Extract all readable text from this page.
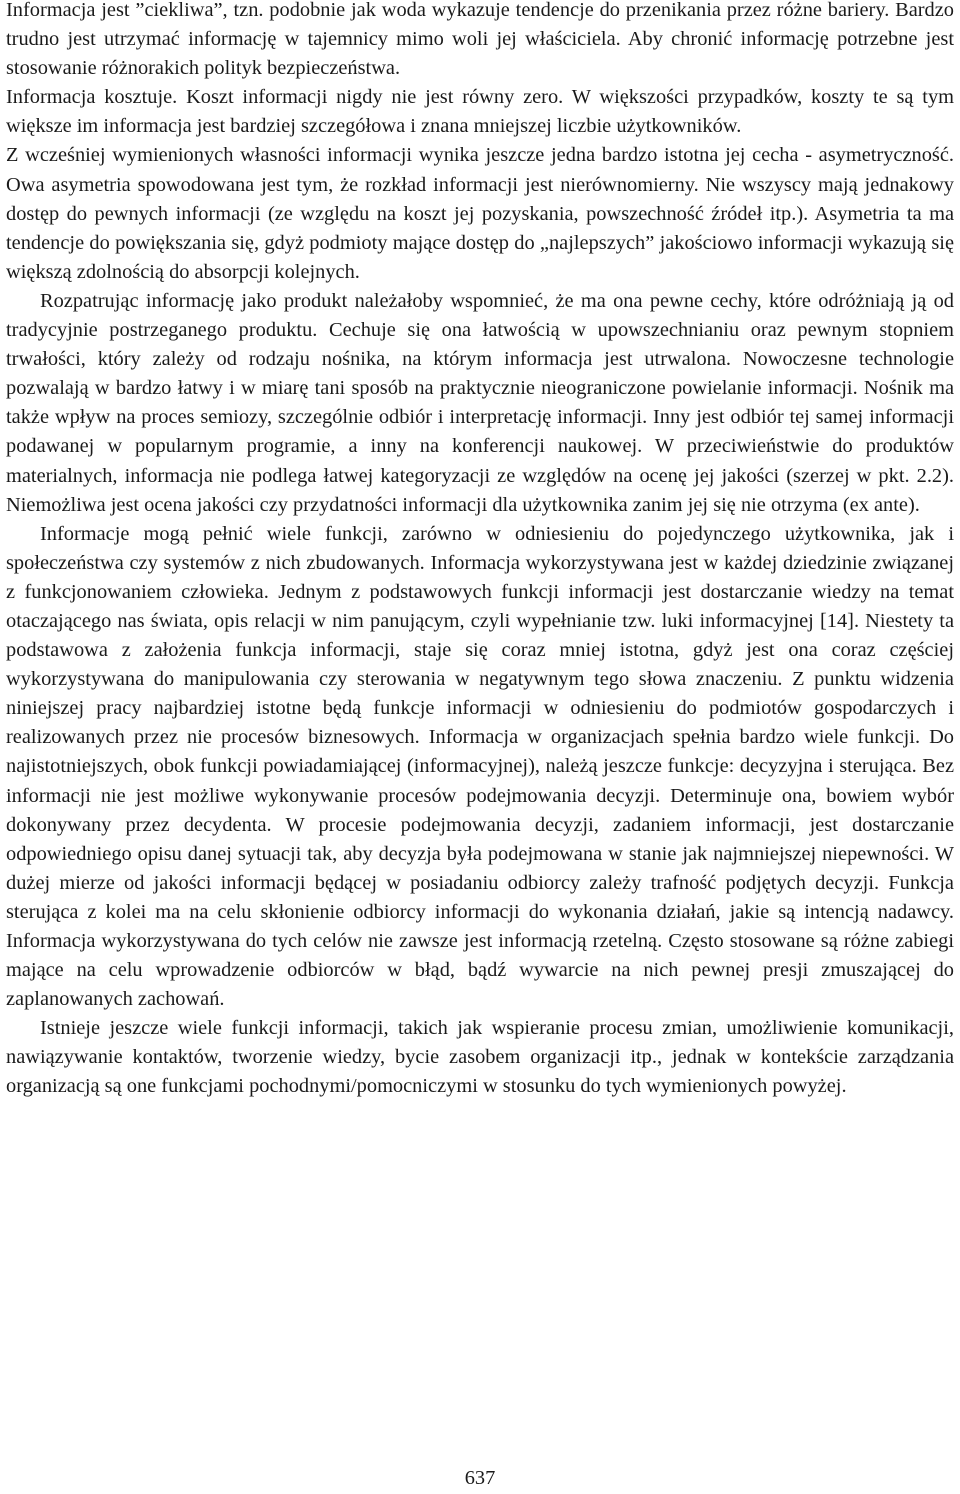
Informacja jest ”ciekliwa”, tzn. podobnie jak woda wykazuje tendencje do przenikania przez różne bariery. Bardzo trudno jest utrzymać informację w tajemnicy mimo woli jej właściciela. Aby chronić informację potrzebne jest stosowanie różnorakich polityk bezpieczeństwa.

Informacja kosztuje. Koszt informacji nigdy nie jest równy zero. W większości przypadków, koszty te są tym większe im informacja jest bardziej szczegółowa i znana mniejszej liczbie użytkowników.

Z wcześniej wymienionych własności informacji wynika jeszcze jedna bardzo istotna jej cecha - asymetryczność. Owa asymetria spowodowana jest tym, że rozkład informacji jest nierównomierny. Nie wszyscy mają jednakowy dostęp do pewnych informacji (ze względu na koszt jej pozyskania, powszechność źródeł itp.). Asymetria ta ma tendencje do powiększania się, gdyż podmioty mające dostęp do „najlepszych” jakościowo informacji wykazują się większą zdolnością do absorpcji kolejnych.

Rozpatrując informację jako produkt należałoby wspomnieć, że ma ona pewne cechy, które odróżniają ją od tradycyjnie postrzeganego produktu. Cechuje się ona łatwością w upowszechnianiu oraz pewnym stopniem trwałości, który zależy od rodzaju nośnika, na którym informacja jest utrwalona. Nowoczesne technologie pozwalają w bardzo łatwy i w miarę tani sposób na praktycznie nieograniczone powielanie informacji. Nośnik ma także wpływ na proces semiozy, szczególnie odbiór i interpretację informacji. Inny jest odbiór tej samej informacji podawanej w popularnym programie, a inny na konferencji naukowej. W przeciwieństwie do produktów materialnych, informacja nie podlega łatwej kategoryzacji ze względów na ocenę jej jakości (szerzej w pkt. 2.2). Niemożliwa jest ocena jakości czy przydatności informacji dla użytkownika zanim jej się nie otrzyma (ex ante).

Informacje mogą pełnić wiele funkcji, zarówno w odniesieniu do pojedynczego użytkownika, jak i społeczeństwa czy systemów z nich zbudowanych. Informacja wykorzystywana jest w każdej dziedzinie związanej z funkcjonowaniem człowieka. Jednym z podstawowych funkcji informacji jest dostarczanie wiedzy na temat otaczającego nas świata, opis relacji w nim panującym, czyli wypełnianie tzw. luki informacyjnej [14]. Niestety ta podstawowa z założenia funkcja informacji, staje się coraz mniej istotna, gdyż jest ona coraz częściej wykorzystywana do manipulowania czy sterowania w negatywnym tego słowa znaczeniu. Z punktu widzenia niniejszej pracy najbardziej istotne będą funkcje informacji w odniesieniu do podmiotów gospodarczych i realizowanych przez nie procesów biznesowych. Informacja w organizacjach spełnia bardzo wiele funkcji. Do najistotniejszych, obok funkcji powiadamiającej (informacyjnej), należą jeszcze funkcje: decyzyjna i sterująca. Bez informacji nie jest możliwe wykonywanie procesów podejmowania decyzji. Determinuje ona, bowiem wybór dokonywany przez decydenta. W procesie podejmowania decyzji, zadaniem informacji, jest dostarczanie odpowiedniego opisu danej sytuacji tak, aby decyzja była podejmowana w stanie jak najmniejszej niepewności. W dużej mierze od jakości informacji będącej w posiadaniu odbiorcy zależy trafność podjętych decyzji. Funkcja sterująca z kolei ma na celu skłonienie odbiorcy informacji do wykonania działań, jakie są intencją nadawcy. Informacja wykorzystywana do tych celów nie zawsze jest informacją rzetelną. Często stosowane są różne zabiegi mające na celu wprowadzenie odbiorców w błąd, bądź wywarcie na nich pewnej presji zmuszającej do zaplanowanych zachowań.

Istnieje jeszcze wiele funkcji informacji, takich jak wspieranie procesu zmian, umożliwienie komunikacji, nawiązywanie kontaktów, tworzenie wiedzy, bycie zasobem organizacji itp., jednak w kontekście zarządzania organizacją są one funkcjami pochodnymi/pomocniczymi w stosunku do tych wymienionych powyżej.

637
